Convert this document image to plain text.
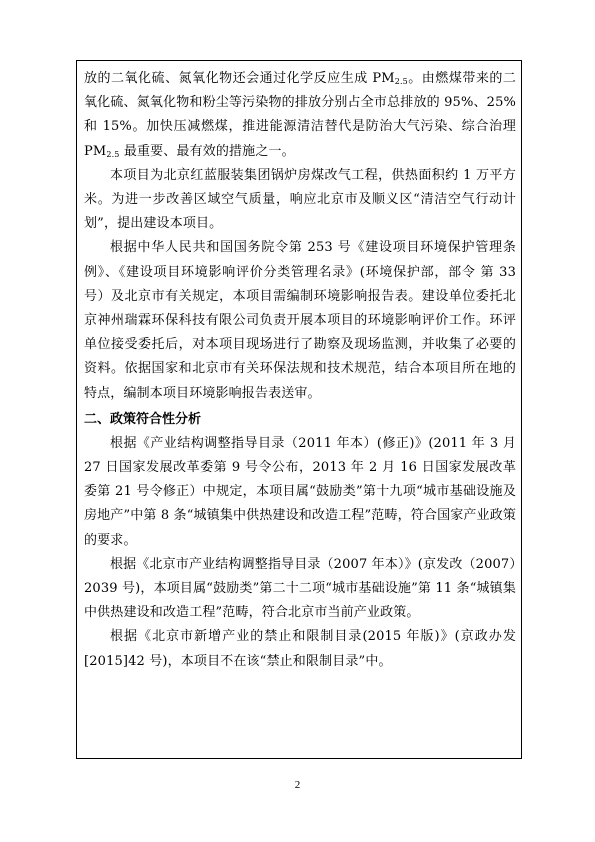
放的二氧化硫、氮氧化物还会通过化学反应生成 $PM_{2.5}$。由燃煤带来的二氧化硫、氮氧化物和粉尘等污染物的排放分别占全市总排放的 95%、25%和 15%。加快压减燃煤，推进能源清洁替代是防治大气污染、综合治理 $PM_{2.5}$ 最重要、最有效的措施之一。

本项目为北京红蓝服装集团锅炉房煤改气工程，供热面积约 1 万平方米。为进一步改善区域空气质量，响应北京市及顺义区“清洁空气行动计划”，提出建设本项目。

根据中华人民共和国国务院令第 253 号《建设项目环境保护管理条例》、《建设项目环境影响评价分类管理名录》(环境保护部，部令 第 33 号）及北京市有关规定，本项目需编制环境影响报告表。建设单位委托北京神州瑞霖环保科技有限公司负责开展本项目的环境影响评价工作。环评单位接受委托后，对本项目现场进行了勘察及现场监测，并收集了必要的资料。依据国家和北京市有关环保法规和技术规范，结合本项目所在地的特点，编制本项目环境影响报告表送审。

二、政策符合性分析

根据《产业结构调整指导目录（2011 年本）(修正)》(2011 年 3 月 27 日国家发展改革委第 9 号令公布，2013 年 2 月 16 日国家发展改革委第 21 号令修正）中规定，本项目属“鼓励类”第十九项“城市基础设施及房地产”中第 8 条“城镇集中供热建设和改造工程”范畴，符合国家产业政策的要求。

根据《北京市产业结构调整指导目录（2007 年本）》(京发改（2007）2039 号)，本项目属“鼓励类”第二十二项“城市基础设施”第 11 条“城镇集中供热建设和改造工程”范畴，符合北京市当前产业政策。

根据《北京市新增产业的禁止和限制目录(2015 年版)》(京政办发[2015]42 号)，本项目不在该“禁止和限制目录”中。

2
